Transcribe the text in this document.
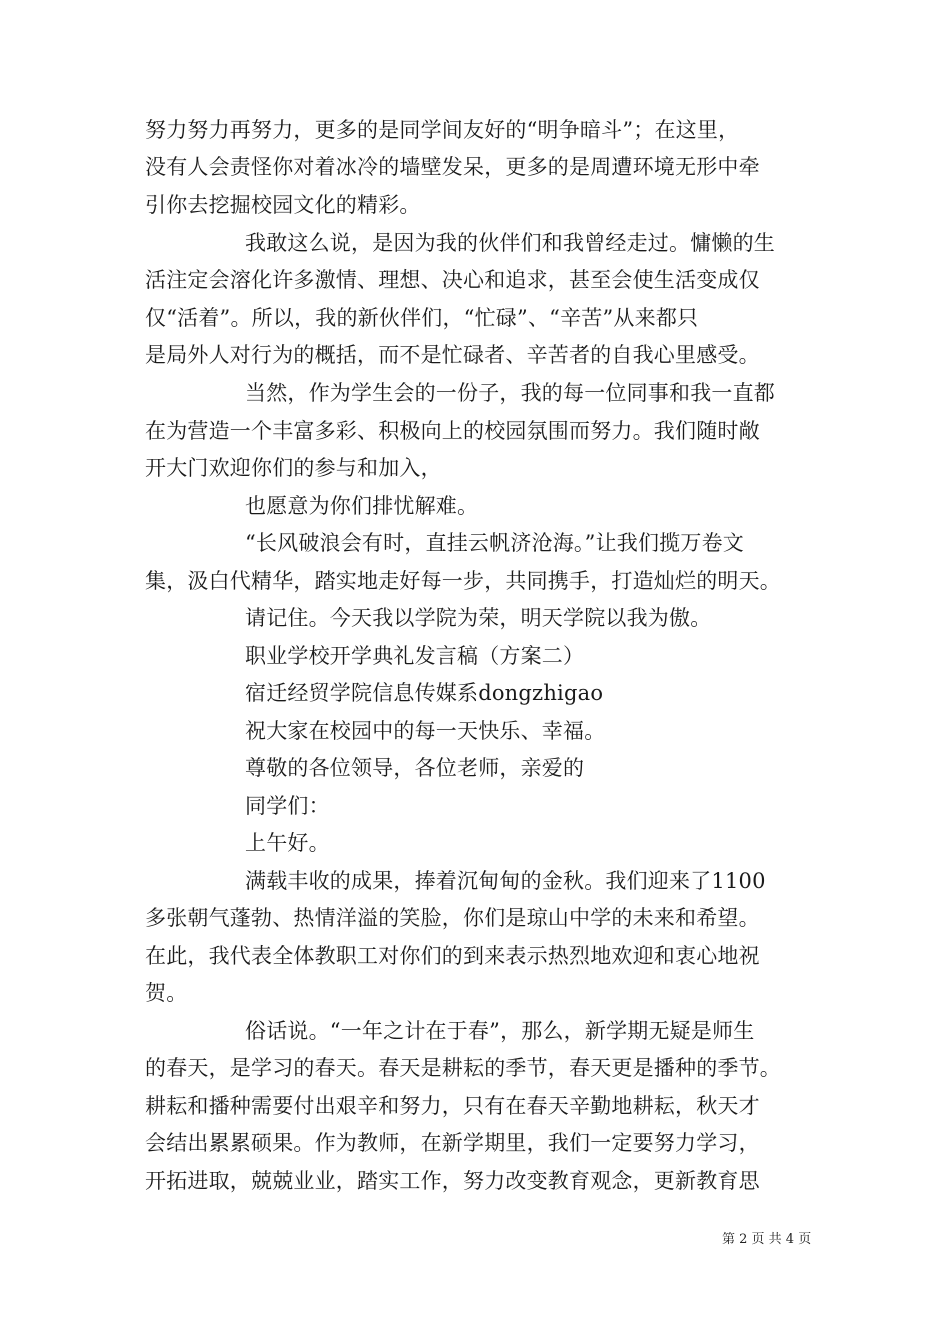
努力努力再努力，更多的是同学间友好的“明争暗斗”；在这里，
没有人会责怪你对着冰冷的墙壁发呆，更多的是周遭环境无形中牵
引你去挖掘校园文化的精彩。
我敢这么说，是因为我的伙伴们和我曾经走过。慵懒的生
活注定会溶化许多激情、理想、决心和追求，甚至会使生活变成仅
仅“活着”。所以，我的新伙伴们，“忙碌”、“辛苦”从来都只
是局外人对行为的概括，而不是忙碌者、辛苦者的自我心里感受。
当然，作为学生会的一份子，我的每一位同事和我一直都
在为营造一个丰富多彩、积极向上的校园氛围而努力。我们随时敞
开大门欢迎你们的参与和加入，
也愿意为你们排忧解难。
“长风破浪会有时，直挂云帆济沧海。”让我们揽万卷文
集，汲白代精华，踏实地走好每一步，共同携手，打造灿烂的明天。
请记住。今天我以学院为荣，明天学院以我为傲。
职业学校开学典礼发言稿（方案二）
宿迁经贸学院信息传媒系dongzhigao
祝大家在校园中的每一天快乐、幸福。
尊敬的各位领导，各位老师，亲爱的
同学们：
上午好。
满载丰收的成果，捧着沉甸甸的金秋。我们迎来了1100
多张朝气蓬勃、热情洋溢的笑脸，你们是琼山中学的未来和希望。
在此，我代表全体教职工对你们的到来表示热烈地欢迎和衷心地祝
贺。
俗话说。“一年之计在于春”，那么，新学期无疑是师生
的春天，是学习的春天。春天是耕耘的季节，春天更是播种的季节。
耕耘和播种需要付出艰辛和努力，只有在春天辛勤地耕耘，秋天才
会结出累累硕果。作为教师，在新学期里，我们一定要努力学习，
开拓进取，兢兢业业，踏实工作，努力改变教育观念，更新教育思
第 2 页 共 4 页
